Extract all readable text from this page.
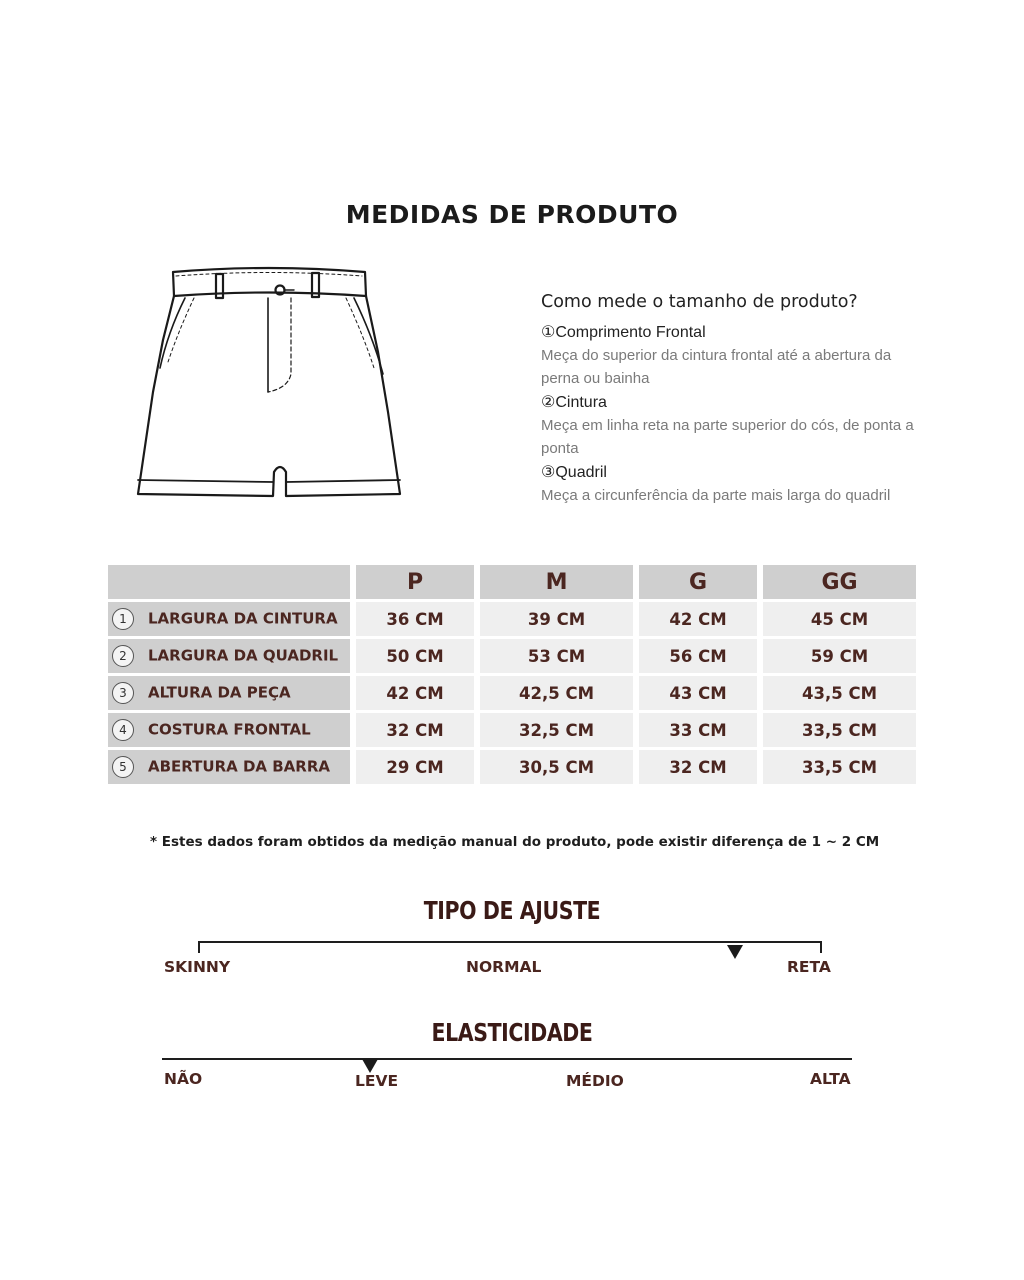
MEDIDAS DE PRODUTO
Como mede o tamanho de produto?
①Comprimento Frontal
Meça do superior da cintura frontal até a abertura da perna ou bainha
②Cintura
Meça em linha reta na parte superior do cós, de ponta a ponta
③Quadril
Meça a circunferência da parte mais larga do quadril
	P	M	G	GG
1 LARGURA DA CINTURA	36 CM	39 CM	42 CM	45 CM
2 LARGURA DA QUADRIL	50 CM	53 CM	56 CM	59 CM
3 ALTURA DA PEÇA	42 CM	42,5 CM	43 CM	43,5 CM
4 COSTURA FRONTAL	32 CM	32,5 CM	33 CM	33,5 CM
5 ABERTURA DA BARRA	29 CM	30,5 CM	32 CM	33,5 CM
* Estes dados foram obtidos da medição manual do produto, pode existir diferença de 1 ~ 2 CM
TIPO DE AJUSTE
SKINNY	NORMAL	RETA
ELASTICIDADE
NÃO	LEVE	MÉDIO	ALTA
